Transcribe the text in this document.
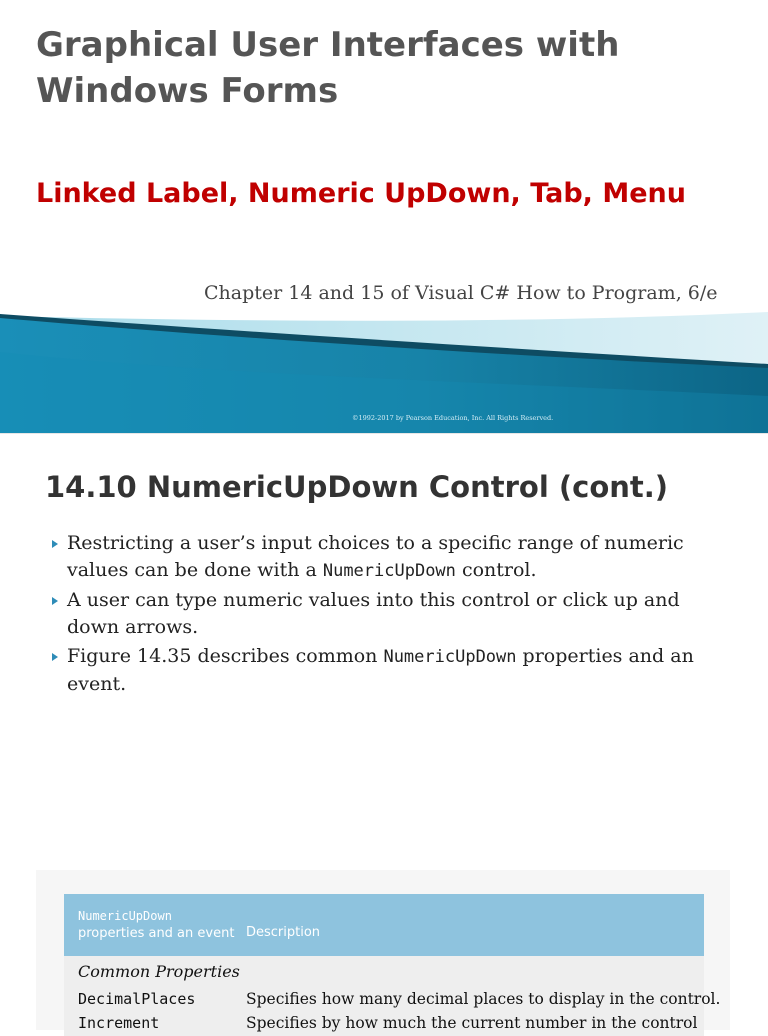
Graphical User Interfaces with Windows Forms
Linked Label, Numeric UpDown, Tab, Menu

Chapter 14 and 15 of Visual C# How to Program, 6/e

©1992-2017 by Pearson Education, Inc. All Rights Reserved.
14.10 NumericUpDown Control (cont.)
Restricting a user’s input choices to a specific range of numeric values can be done with a NumericUpDown control.
A user can type numeric values into this control or click up and down arrows.
Figure 14.35 describes common NumericUpDown properties and an event.
NumericUpDown
properties and an event Description
Common Properties
DecimalPlaces	Specifies how many decimal places to display in the control.
Increment	Specifies by how much the current number in the control
